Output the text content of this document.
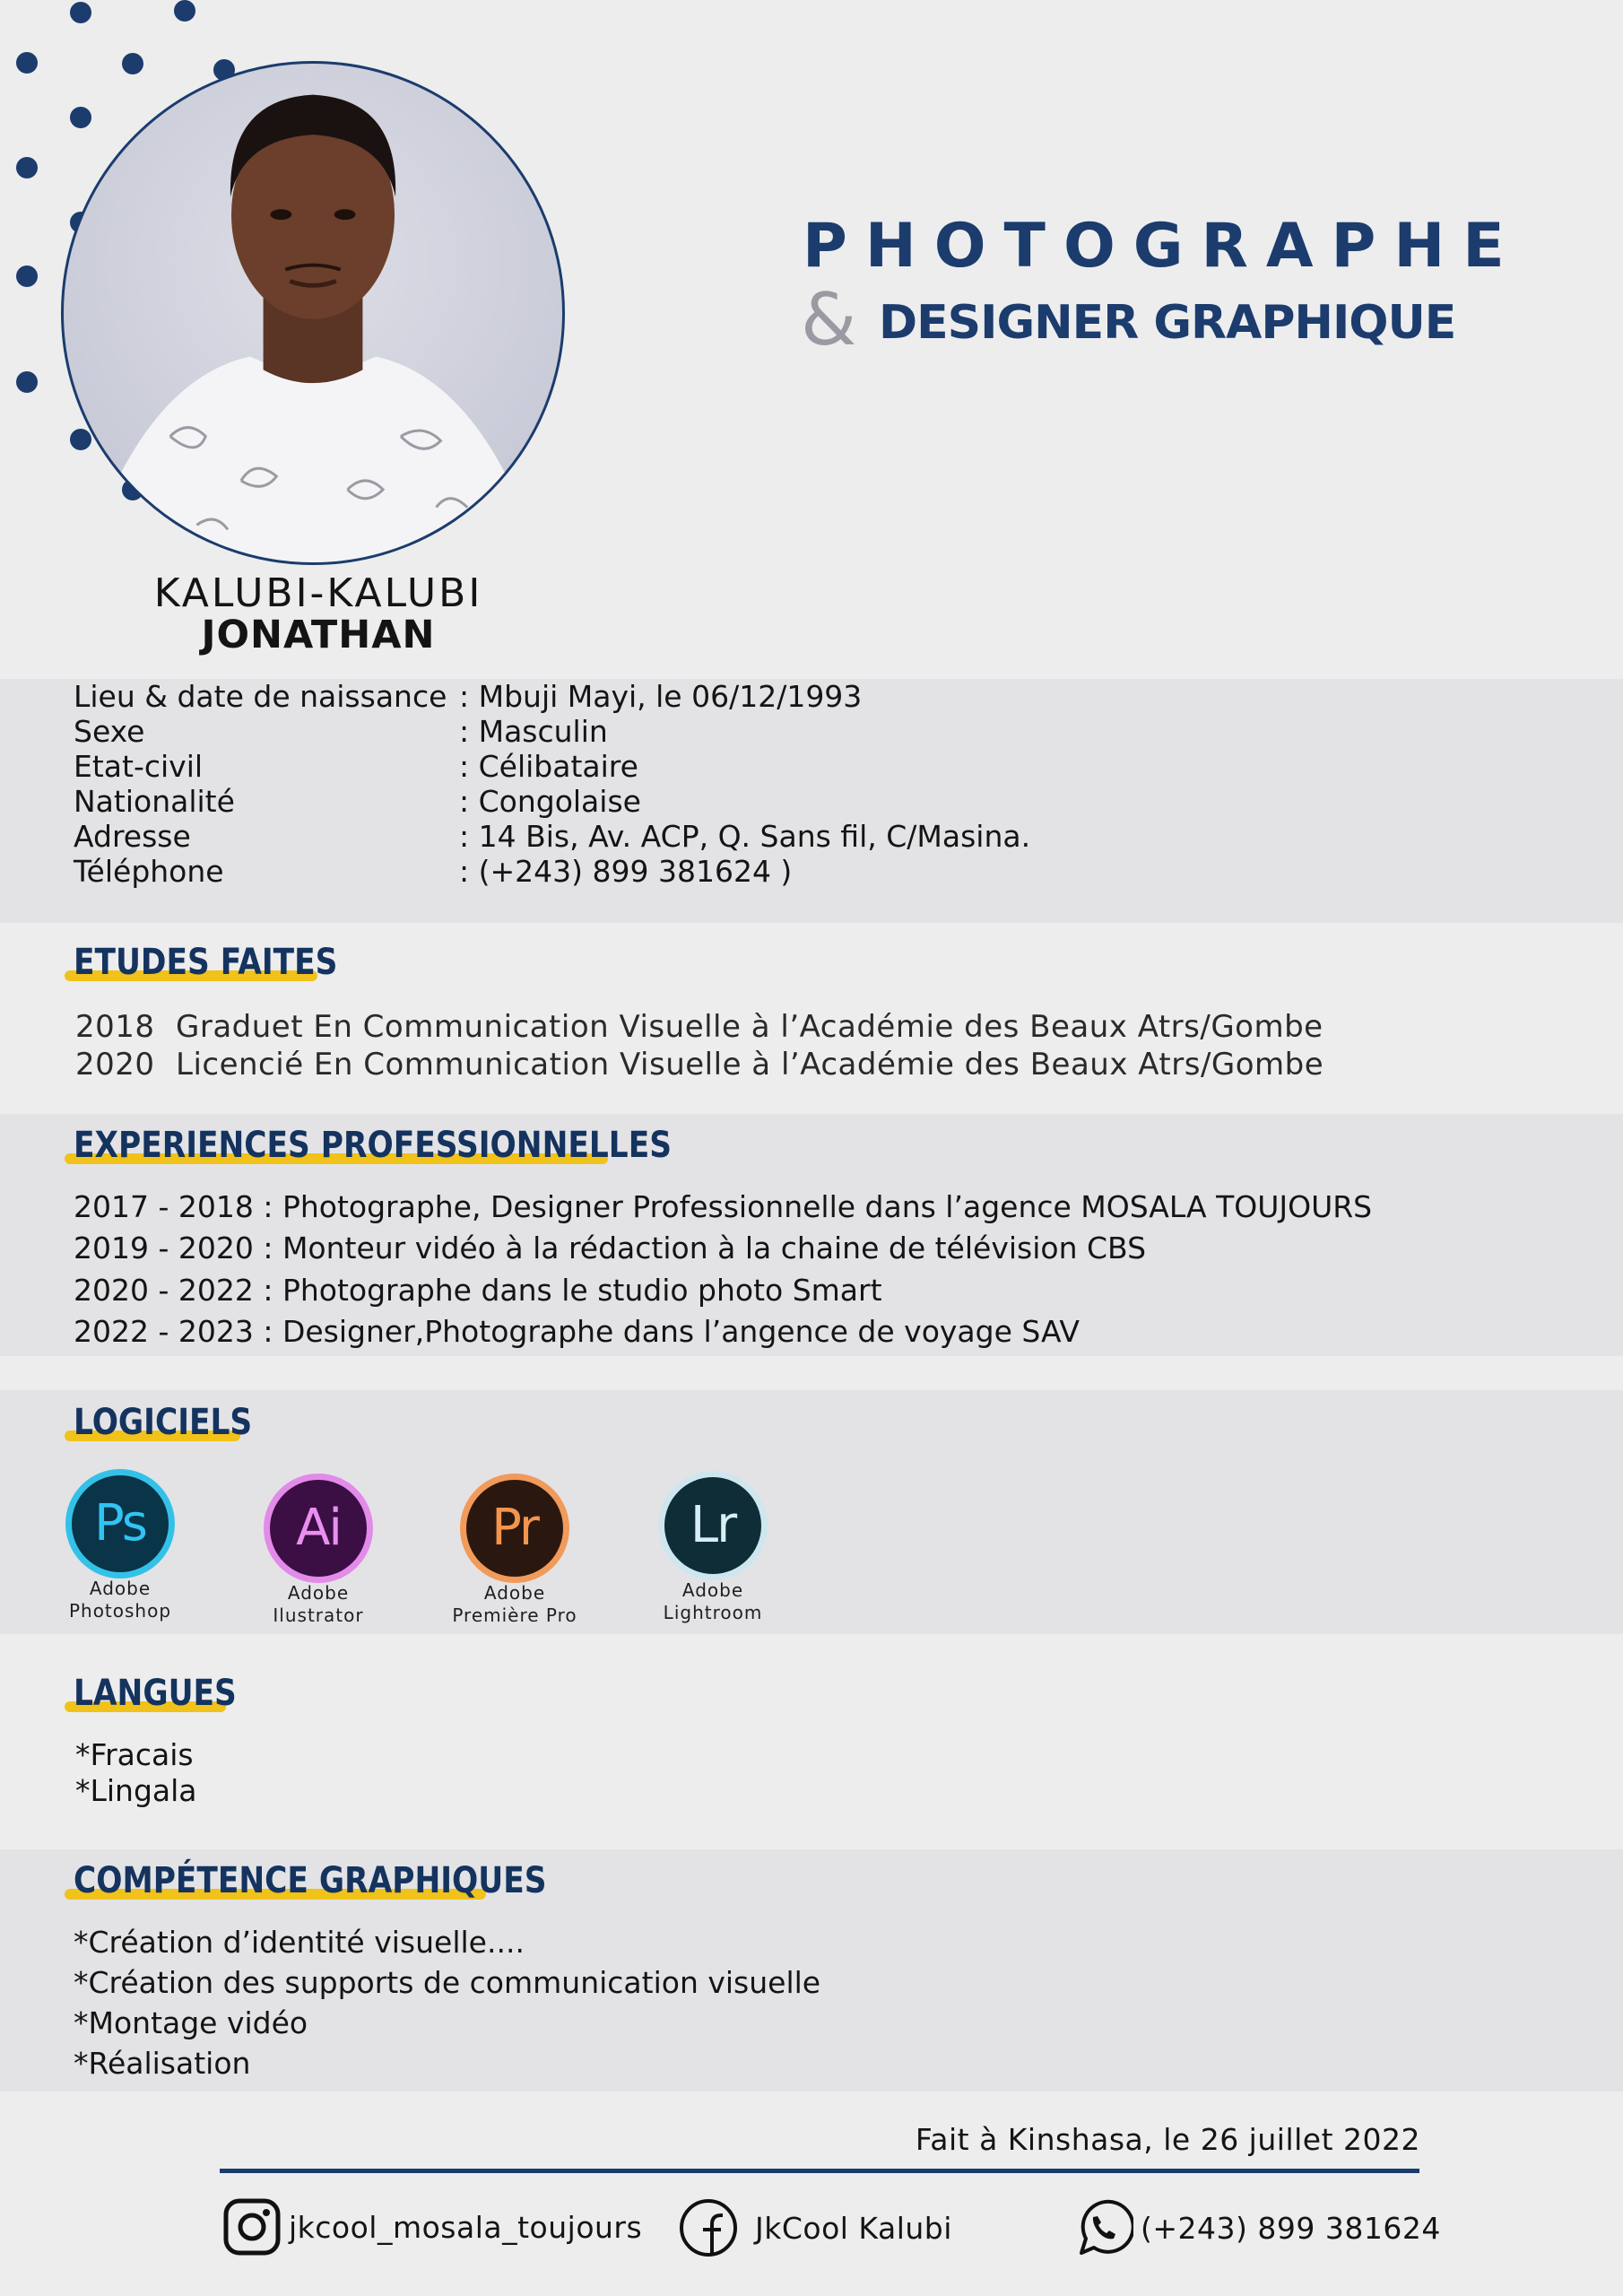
KALUBI-KALUBI
JONATHAN
PHOTOGRAPHE
& DESIGNER GRAPHIQUE
Lieu & date de naissance : Mbuji Mayi, le 06/12/1993
Sexe	: Masculin
Etat-civil	: Célibataire
Nationalité	: Congolaise
Adresse	: 14 Bis, Av. ACP, Q. Sans fil, C/Masina.
Téléphone	: (+243) 899 381624 )
ETUDES FAITES
2018 Graduet En Communication Visuelle à l’Académie des Beaux Atrs/Gombe
2020 Licencié En Communication Visuelle à l’Académie des Beaux Atrs/Gombe
EXPERIENCES PROFESSIONNELLES
2017 - 2018 : Photographe, Designer Professionnelle dans l’agence MOSALA TOUJOURS
2019 - 2020 : Monteur vidéo à la rédaction à la chaine de télévision CBS
2020 - 2022 : Photographe dans le studio photo Smart
2022 - 2023 : Designer,Photographe dans l’angence de voyage SAV
LOGICIELS
Ps
Adobe
Photoshop
Ai
Adobe
Ilustrator
Pr
Adobe
Première Pro
Lr
Adobe
Lightroom
LANGUES
*Fracais
*Lingala
COMPÉTENCE GRAPHIQUES
*Création d’identité visuelle....
*Création des supports de communication visuelle
*Montage vidéo
*Réalisation
Fait à Kinshasa, le 26 juillet 2022
jkcool_mosala_toujours	JkCool Kalubi	(+243) 899 381624
